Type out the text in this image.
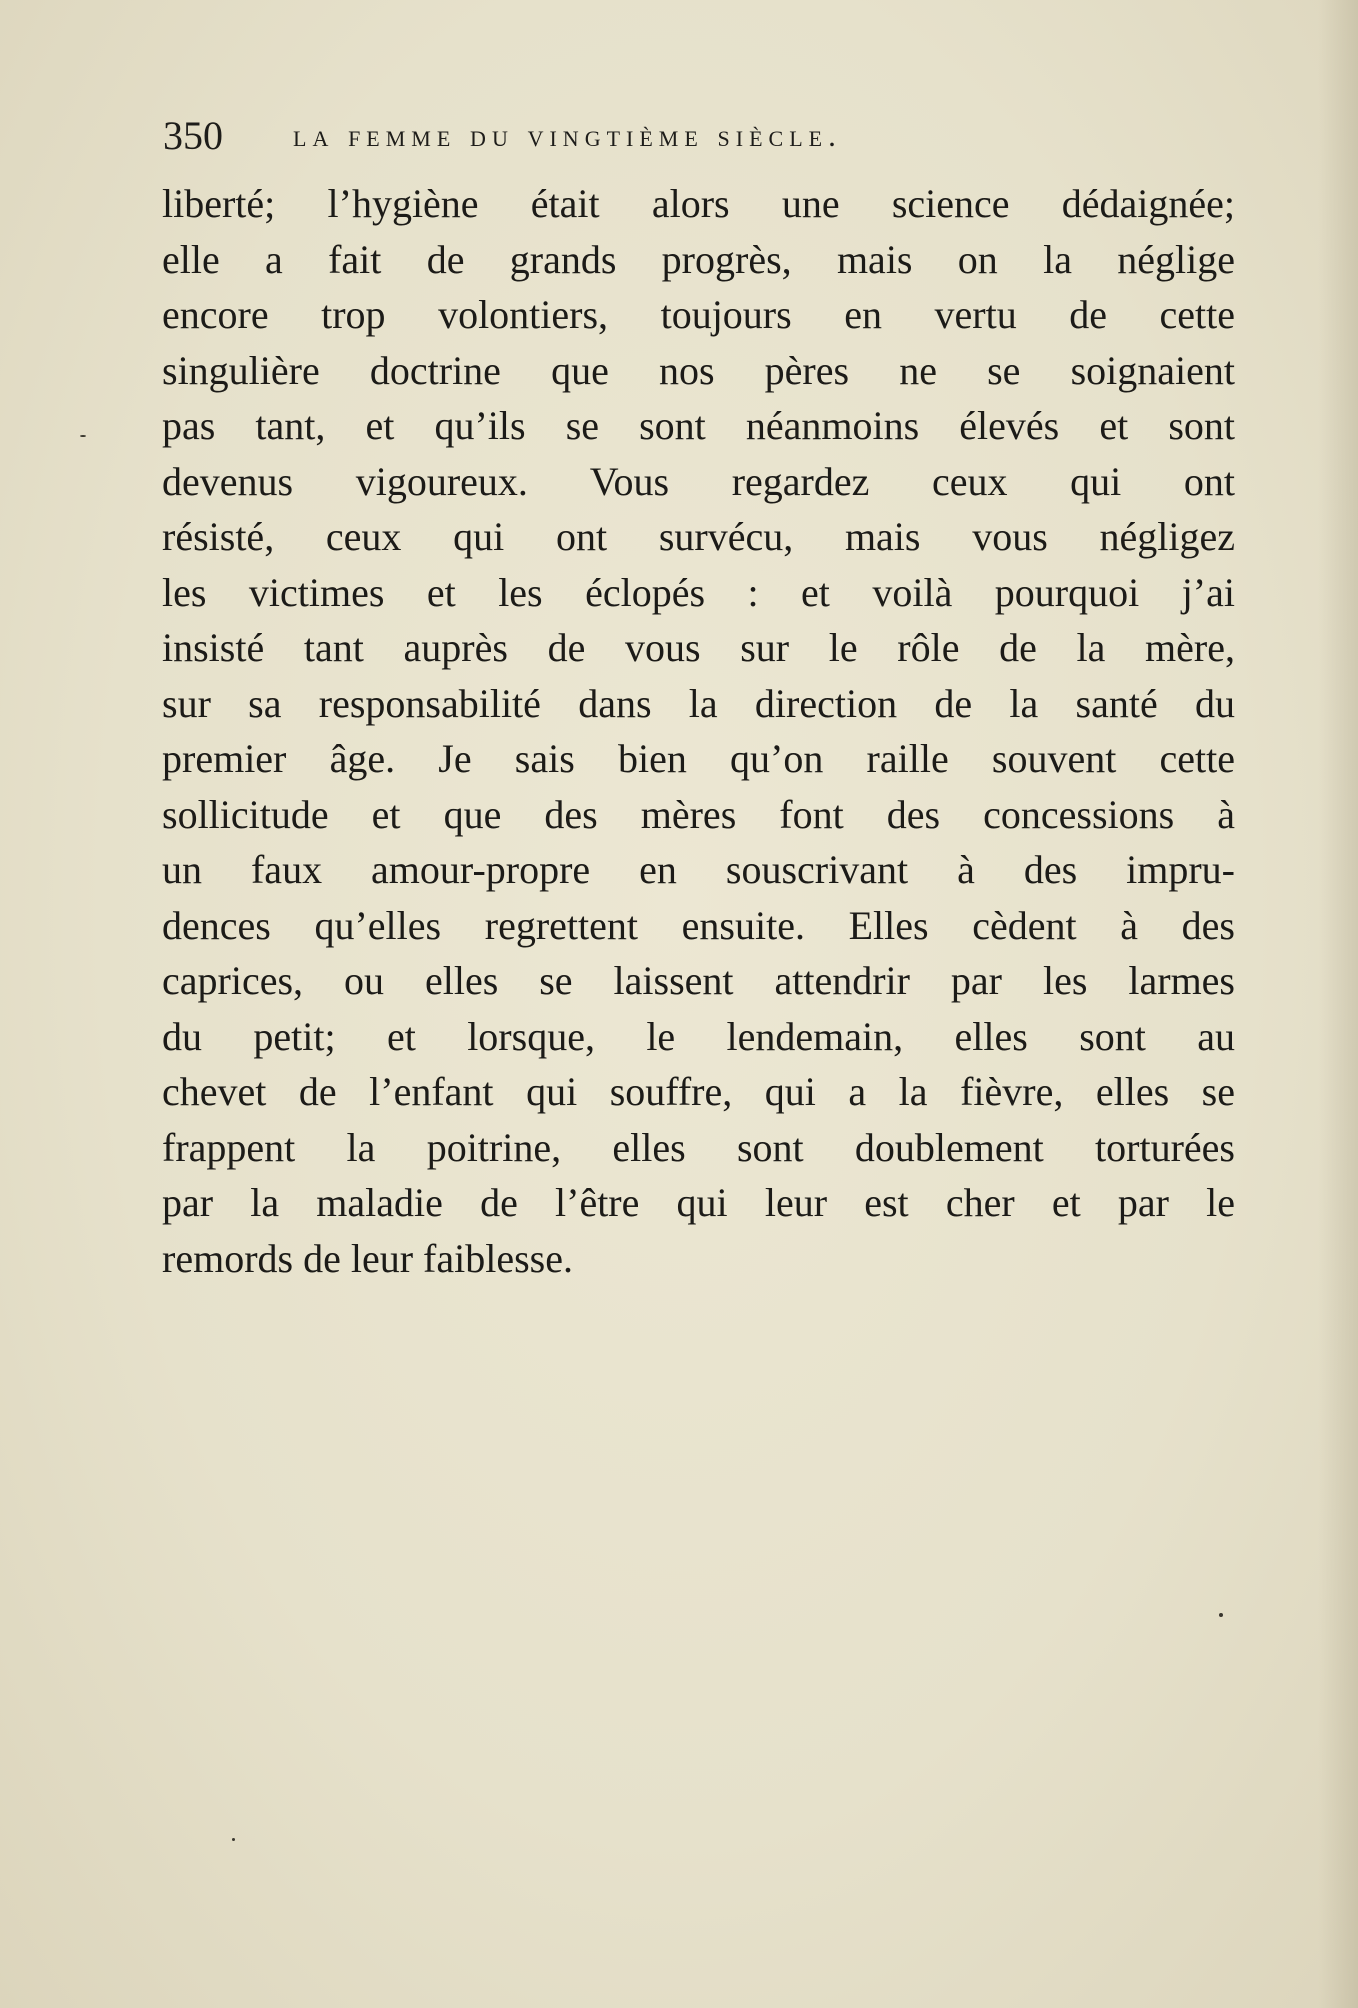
350 la femme du vingtième siècle.
liberté; l’hygiène était alors une science dédaignée;
elle a fait de grands progrès, mais on la néglige
encore trop volontiers, toujours en vertu de cette
singulière doctrine que nos pères ne se soignaient
pas tant, et qu’ils se sont néanmoins élevés et sont
devenus vigoureux. Vous regardez ceux qui ont
résisté, ceux qui ont survécu, mais vous négligez
les victimes et les éclopés : et voilà pourquoi j’ai
insisté tant auprès de vous sur le rôle de la mère,
sur sa responsabilité dans la direction de la santé du
premier âge. Je sais bien qu’on raille souvent cette
sollicitude et que des mères font des concessions à
un faux amour-propre en souscrivant à des impru-
dences qu’elles regrettent ensuite. Elles cèdent à des
caprices, ou elles se laissent attendrir par les larmes
du petit; et lorsque, le lendemain, elles sont au
chevet de l’enfant qui souffre, qui a la fièvre, elles se
frappent la poitrine, elles sont doublement torturées
par la maladie de l’être qui leur est cher et par le
remords de leur faiblesse.
